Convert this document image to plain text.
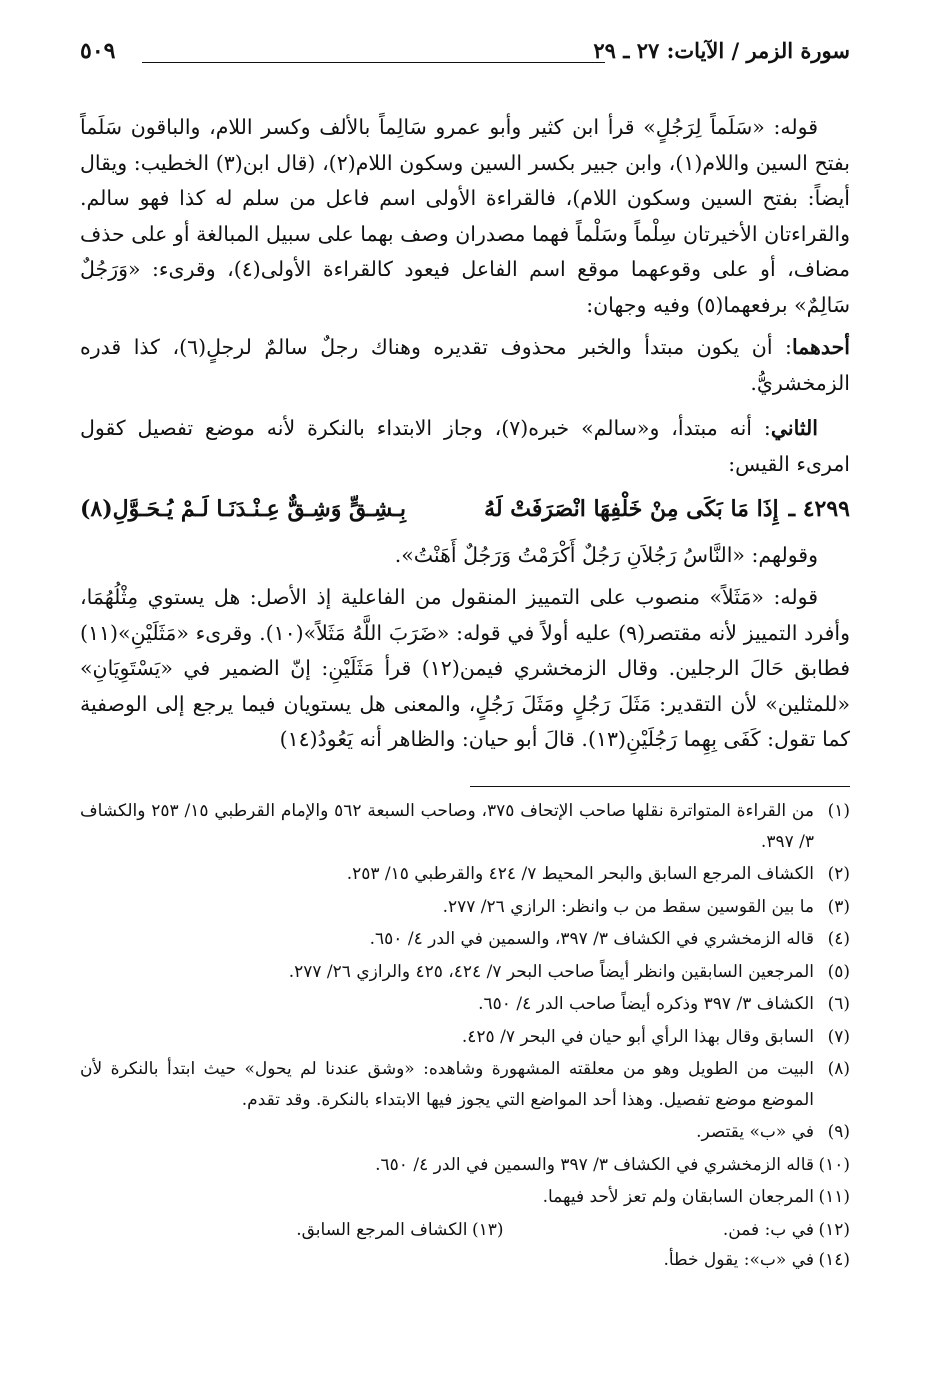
سورة الزمر / الآيات: ٢٧ ـ ٢٩
٥٠٩

قوله: «سَلَماً لِرَجُلٍ» قرأ ابن كثير وأبو عمرو سَالِماً بالألف وكسر اللام، والباقون سَلَماً بفتح السين واللام(١)، وابن جبير بكسر السين وسكون اللام(٢)، (قال ابن(٣) الخطيب: ويقال أيضاً: بفتح السين وسكون اللام)، فالقراءة الأولى اسم فاعل من سلم له كذا فهو سالم. والقراءتان الأخيرتان سِلْماً وسَلْماً فهما مصدران وصف بهما على سبيل المبالغة أو على حذف مضاف، أو على وقوعهما موقع اسم الفاعل فيعود كالقراءة الأولى(٤)، وقرىء: «وَرَجُلٌ سَالِمٌ» برفعهما(٥) وفيه وجهان:

أحدهما: أن يكون مبتدأ والخبر محذوف تقديره وهناك رجلٌ سالمٌ لرجلٍ(٦)، كذا قدره الزمخشريُّ.

الثاني: أنه مبتدأ، و«سالم» خبره(٧)، وجاز الابتداء بالنكرة لأنه موضع تفصيل كقول امرىء القيس:

٤٢٩٩ ـ
إِذَا مَا بَكَى مِنْ خَلْفِهَا انْصَرَفَتْ لَهُ
بِـشِـقٍّ وَشِـقٌّ عِـنْـدَنَـا لَـمْ يُـحَـوَّلِ(٨)

وقولهم: «النَّاسُ رَجُلاَنِ رَجُلٌ أَكْرَمْتُ وَرَجُلٌ أَهَنْتُ».

قوله: «مَثَلاً» منصوب على التمييز المنقول من الفاعلية إذ الأصل: هل يستوي مِثْلُهُمَا، وأفرد التمييز لأنه مقتصر(٩) عليه أولاً في قوله: «ضَرَبَ اللَّهُ مَثَلاً»(١٠). وقرىء «مَثَلَيْنِ»(١١) فطابق حَالَ الرجلين. وقال الزمخشري فيمن(١٢) قرأ مَثَلَيْنِ: إنّ الضمير في «يَسْتَوِيَانِ» «للمثلين» لأن التقدير: مَثَلَ رَجُلٍ ومَثَلَ رَجُلٍ، والمعنى هل يستويان فيما يرجع إلى الوصفية كما تقول: كَفَى بِهِما رَجُلَيْنِ(١٣). قالَ أبو حيان: والظاهر أنه يَعُودُ(١٤)

(١)
من القراءة المتواترة نقلها صاحب الإتحاف ٣٧٥، وصاحب السبعة ٥٦٢ والإمام القرطبي ١٥/ ٢٥٣ والكشاف ٣/ ٣٩٧.
(٢)
الكشاف المرجع السابق والبحر المحيط ٧/ ٤٢٤ والقرطبي ١٥/ ٢٥٣.
(٣)
ما بين القوسين سقط من ب وانظر: الرازي ٢٦/ ٢٧٧.
(٤)
قاله الزمخشري في الكشاف ٣/ ٣٩٧، والسمين في الدر ٤/ ٦٥٠.
(٥)
المرجعين السابقين وانظر أيضاً صاحب البحر ٧/ ٤٢٤، ٤٢٥ والرازي ٢٦/ ٢٧٧.
(٦)
الكشاف ٣/ ٣٩٧ وذكره أيضاً صاحب الدر ٤/ ٦٥٠.
(٧)
السابق وقال بهذا الرأي أبو حيان في البحر ٧/ ٤٢٥.
(٨)
البيت من الطويل وهو من معلقته المشهورة وشاهده: «وشق عندنا لم يحول» حيث ابتدأ بالنكرة لأن الموضع موضع تفصيل. وهذا أحد المواضع التي يجوز فيها الابتداء بالنكرة. وقد تقدم.
(٩)
في «ب» يقتصر.
(١٠)
قاله الزمخشري في الكشاف ٣/ ٣٩٧ والسمين في الدر ٤/ ٦٥٠.
(١١)
المرجعان السابقان ولم تعز لأحد فيهما.
(١٢)
في ب: فمن.
(١٣)
الكشاف المرجع السابق.
(١٤)
في «ب»: يقول خطأ.
